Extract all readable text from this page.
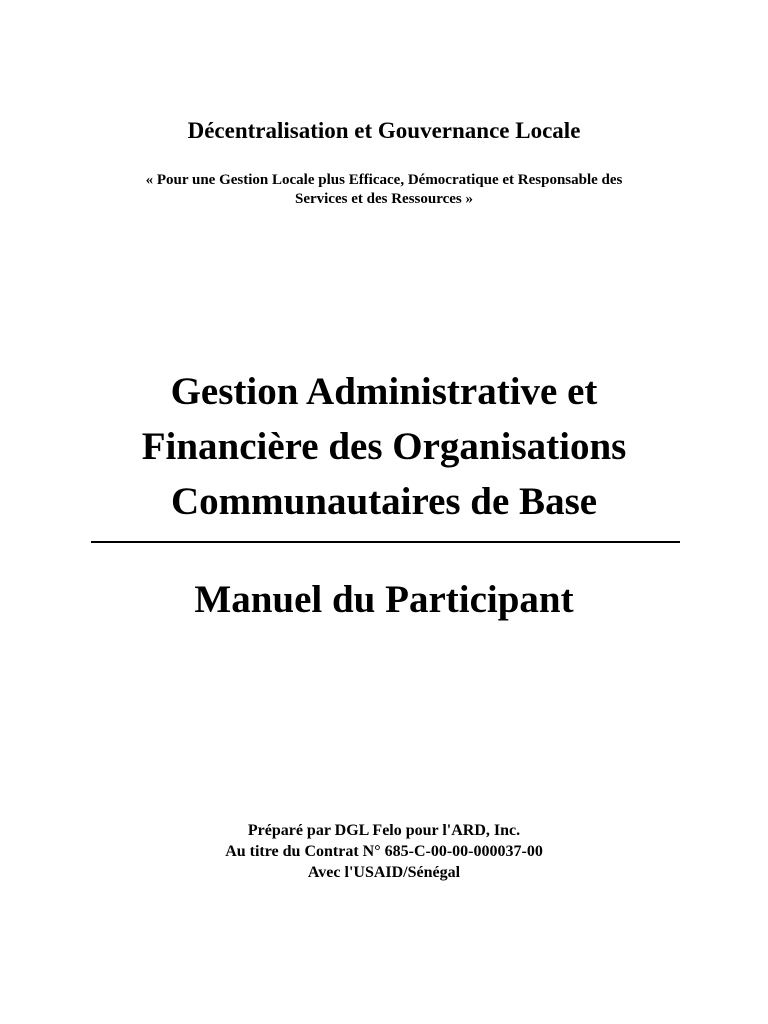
Décentralisation et Gouvernance Locale
« Pour une Gestion Locale plus Efficace, Démocratique et Responsable des
Services et des Ressources »
Gestion Administrative et
Financière des Organisations
Communautaires de Base
Manuel du Participant
Préparé par DGL Felo pour l'ARD, Inc.
Au titre du Contrat N° 685-C-00-00-000037-00
Avec l'USAID/Sénégal
